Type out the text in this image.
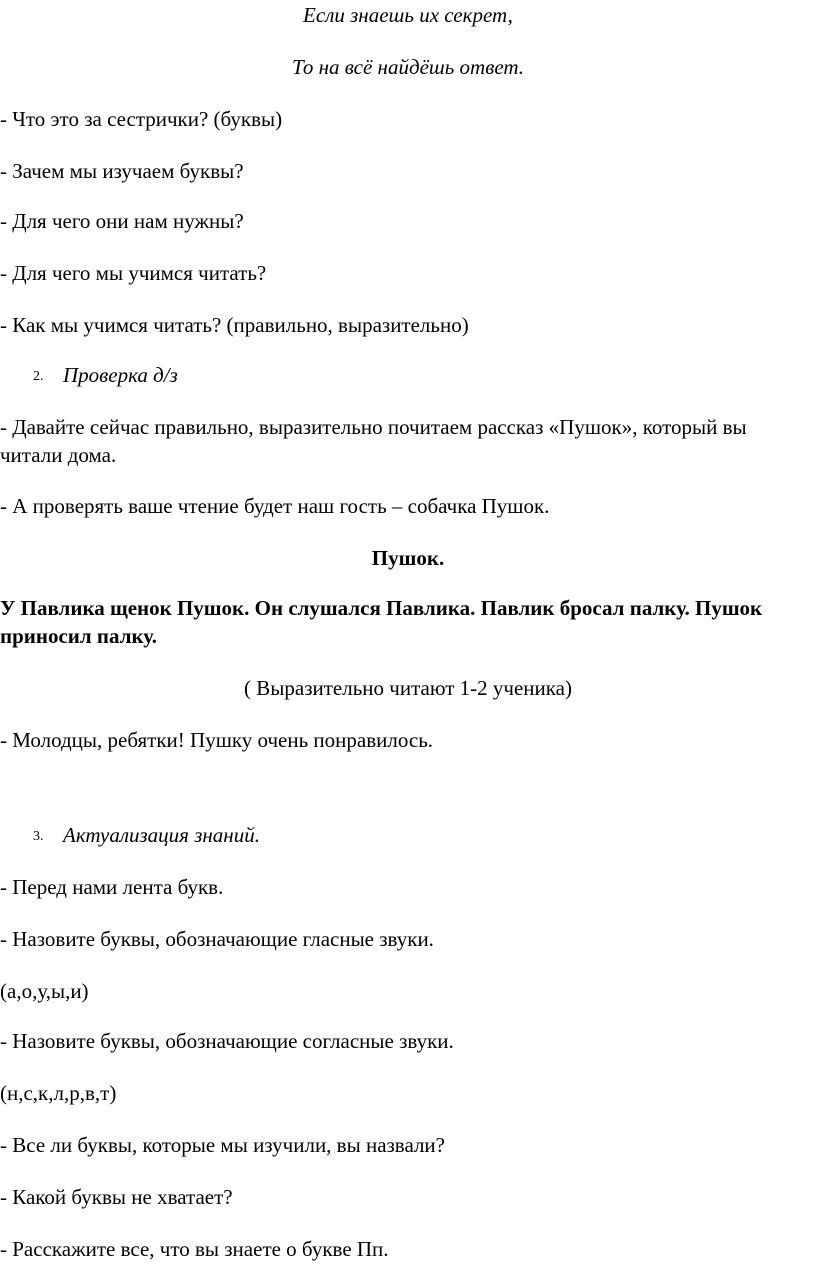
Если знаешь их секрет,
То на всё найдёшь ответ.
- Что это за сестрички? (буквы)
- Зачем мы изучаем буквы?
- Для чего они нам нужны?
- Для чего мы учимся читать?
- Как мы учимся читать? (правильно, выразительно)
2. Проверка д/з
- Давайте сейчас правильно, выразительно почитаем рассказ «Пушок», который вы читали дома.
- А проверять ваше чтение будет наш гость – собачка Пушок.
Пушок.
У Павлика щенок Пушок. Он слушался Павлика. Павлик бросал палку. Пушок приносил палку.
( Выразительно читают 1-2 ученика)
- Молодцы, ребятки! Пушку очень понравилось.
3. Актуализация знаний.
- Перед нами лента букв.
- Назовите буквы, обозначающие гласные звуки.
(а,о,у,ы,и)
- Назовите буквы, обозначающие согласные звуки.
(н,с,к,л,р,в,т)
- Все ли буквы, которые мы изучили, вы назвали?
- Какой буквы не хватает?
- Расскажите все, что вы знаете о букве Пп.
